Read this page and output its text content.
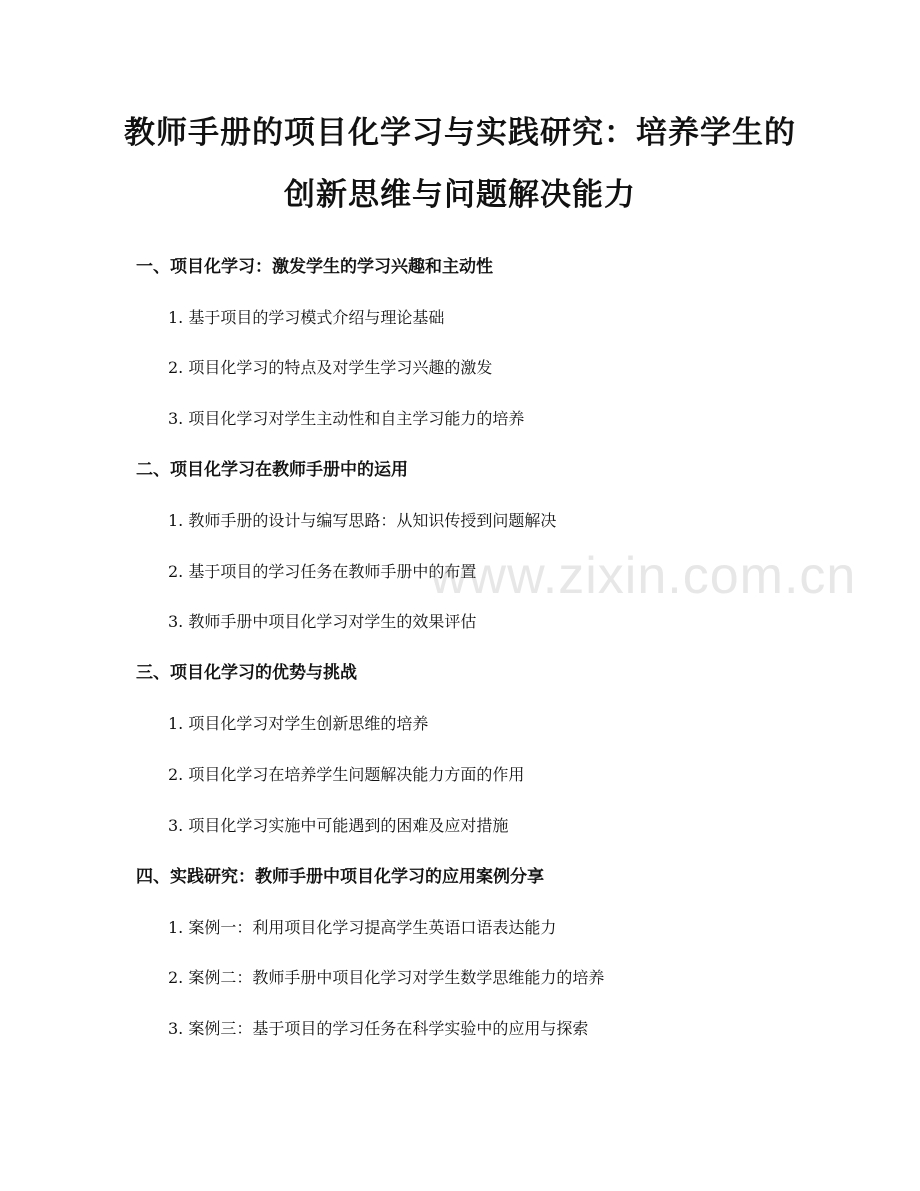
教师手册的项目化学习与实践研究：培养学生的创新思维与问题解决能力
一、项目化学习：激发学生的学习兴趣和主动性

1. 基于项目的学习模式介绍与理论基础

2. 项目化学习的特点及对学生学习兴趣的激发

3. 项目化学习对学生主动性和自主学习能力的培养

二、项目化学习在教师手册中的运用

1. 教师手册的设计与编写思路：从知识传授到问题解决

2. 基于项目的学习任务在教师手册中的布置

3. 教师手册中项目化学习对学生的效果评估

三、项目化学习的优势与挑战

1. 项目化学习对学生创新思维的培养

2. 项目化学习在培养学生问题解决能力方面的作用

3. 项目化学习实施中可能遇到的困难及应对措施

四、实践研究：教师手册中项目化学习的应用案例分享

1. 案例一：利用项目化学习提高学生英语口语表达能力

2. 案例二：教师手册中项目化学习对学生数学思维能力的培养

3. 案例三：基于项目的学习任务在科学实验中的应用与探索

www.zixin.com.cn
